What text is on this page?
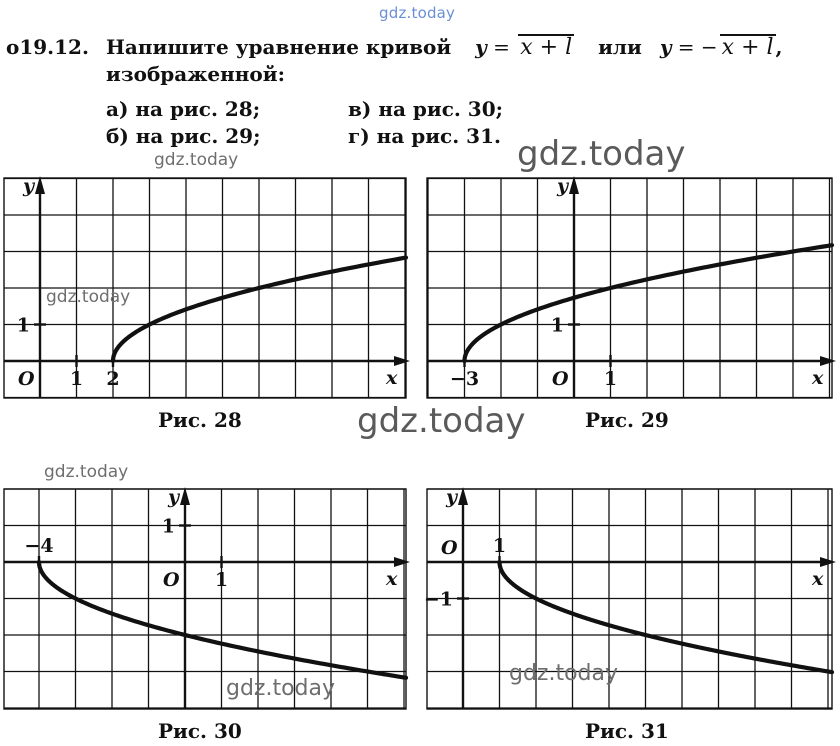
gdz.today
о19.12. Напишите уравнение кривой y = x + l или y = − x + l ,
изображенной:
а) на рис. 28;
б) на рис. 29;
в) на рис. 30;
г) на рис. 31. gdz.today
gdz.today
x
y
O 1 2
1
x
y
O
−3	1
1
x
y
O
−4
1
1
x
y
O 1
−1
gdz.today
gdz.today
gdz.today
gdz.today
gdz.today
Рис. 28	Рис. 29
Рис. 30	Рис. 31
